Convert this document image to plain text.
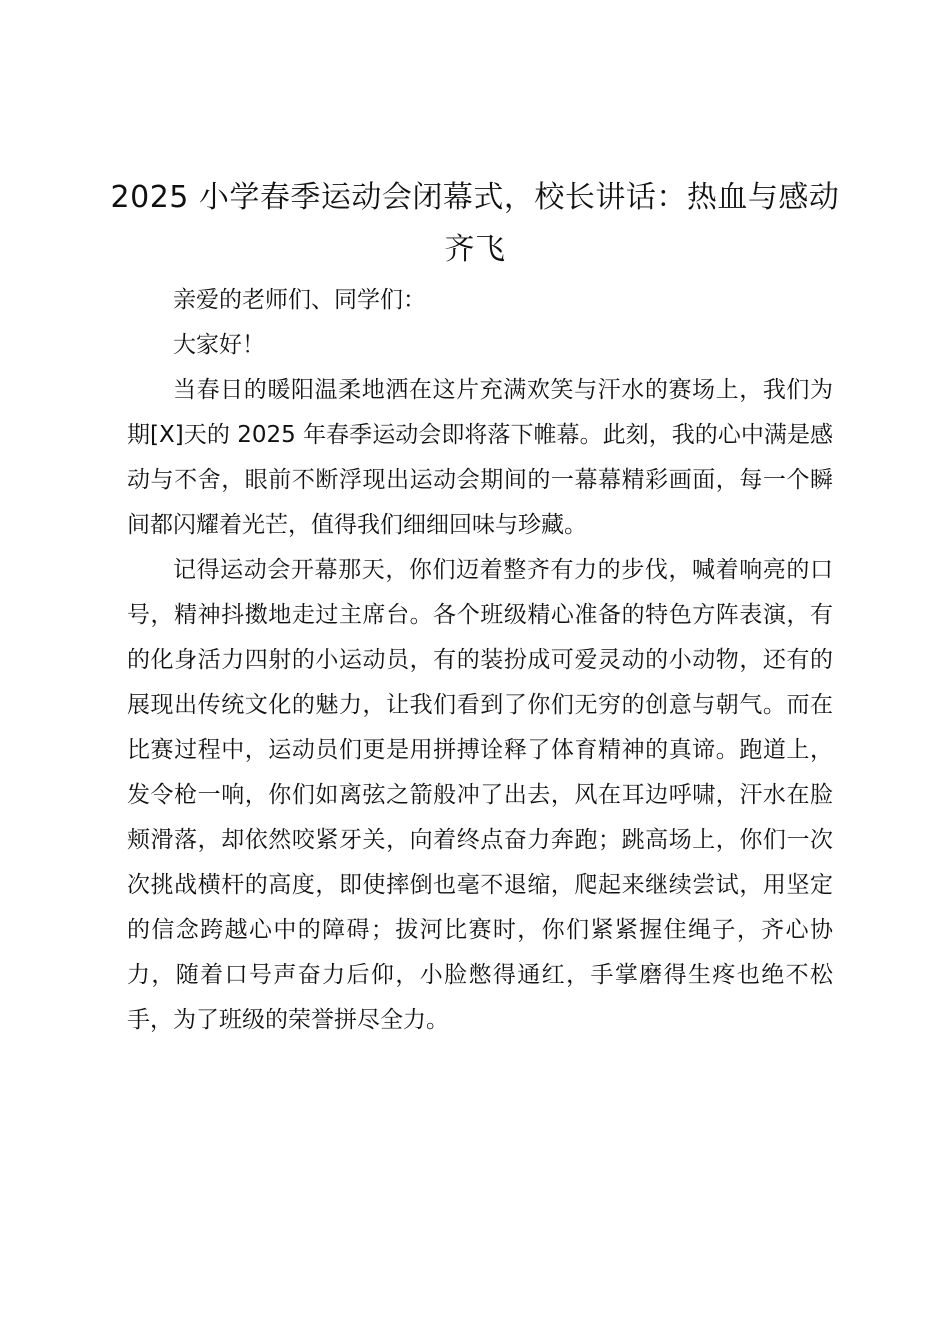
2025 小学春季运动会闭幕式，校长讲话：热血与感动齐飞

亲爱的老师们、同学们：

大家好！

当春日的暖阳温柔地洒在这片充满欢笑与汗水的赛场上，我们为期[X]天的 2025 年春季运动会即将落下帷幕。此刻，我的心中满是感动与不舍，眼前不断浮现出运动会期间的一幕幕精彩画面，每一个瞬间都闪耀着光芒，值得我们细细回味与珍藏。

记得运动会开幕那天，你们迈着整齐有力的步伐，喊着响亮的口号，精神抖擞地走过主席台。各个班级精心准备的特色方阵表演，有的化身活力四射的小运动员，有的装扮成可爱灵动的小动物，还有的展现出传统文化的魅力，让我们看到了你们无穷的创意与朝气。而在比赛过程中，运动员们更是用拼搏诠释了体育精神的真谛。跑道上，发令枪一响，你们如离弦之箭般冲了出去，风在耳边呼啸，汗水在脸颊滑落，却依然咬紧牙关，向着终点奋力奔跑；跳高场上，你们一次次挑战横杆的高度，即使摔倒也毫不退缩，爬起来继续尝试，用坚定的信念跨越心中的障碍；拔河比赛时，你们紧紧握住绳子，齐心协力，随着口号声奋力后仰，小脸憋得通红，手掌磨得生疼也绝不松手，为了班级的荣誉拼尽全力。
